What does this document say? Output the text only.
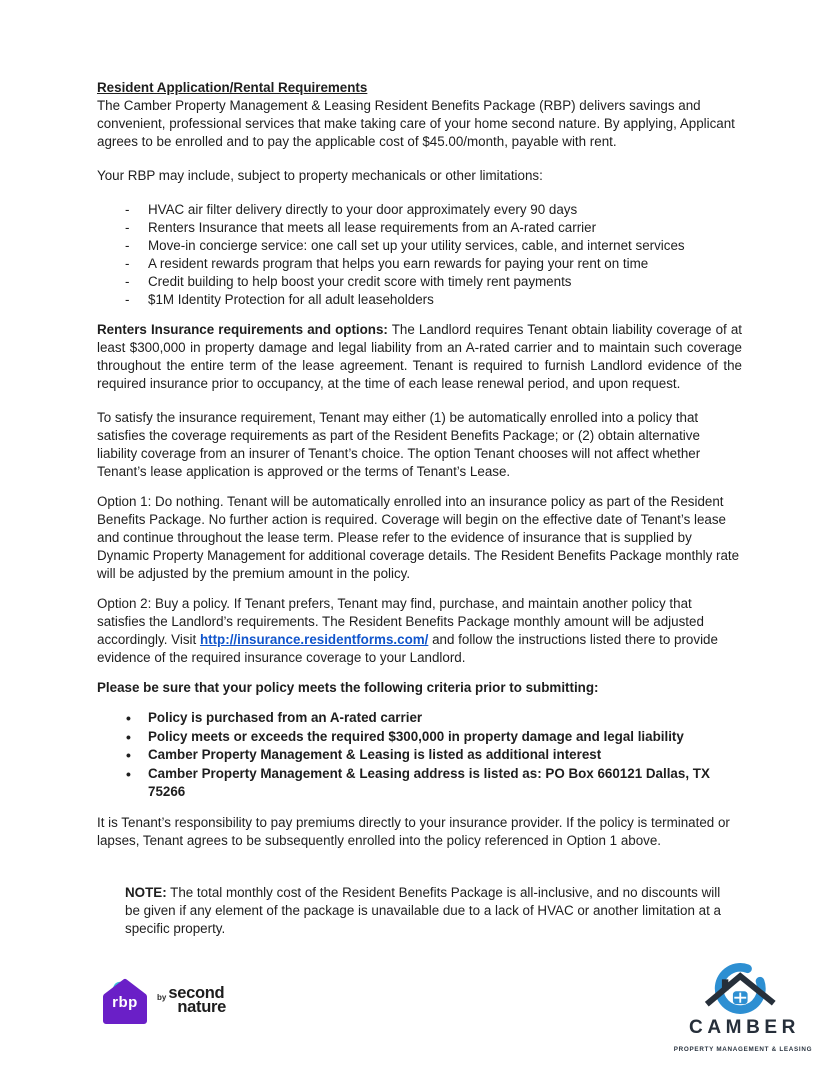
Resident Application/Rental Requirements

The Camber Property Management & Leasing Resident Benefits Package (RBP) delivers savings and convenient, professional services that make taking care of your home second nature. By applying, Applicant agrees to be enrolled and to pay the applicable cost of $45.00/month, payable with rent.

Your RBP may include, subject to property mechanicals or other limitations:

- HVAC air filter delivery directly to your door approximately every 90 days
- Renters Insurance that meets all lease requirements from an A-rated carrier
- Move-in concierge service: one call set up your utility services, cable, and internet services
- A resident rewards program that helps you earn rewards for paying your rent on time
- Credit building to help boost your credit score with timely rent payments
- $1M Identity Protection for all adult leaseholders

Renters Insurance requirements and options: The Landlord requires Tenant obtain liability coverage of at least $300,000 in property damage and legal liability from an A-rated carrier and to maintain such coverage throughout the entire term of the lease agreement. Tenant is required to furnish Landlord evidence of the required insurance prior to occupancy, at the time of each lease renewal period, and upon request.

To satisfy the insurance requirement, Tenant may either (1) be automatically enrolled into a policy that satisfies the coverage requirements as part of the Resident Benefits Package; or (2) obtain alternative liability coverage from an insurer of Tenant’s choice. The option Tenant chooses will not affect whether Tenant’s lease application is approved or the terms of Tenant’s Lease.

Option 1: Do nothing. Tenant will be automatically enrolled into an insurance policy as part of the Resident Benefits Package. No further action is required. Coverage will begin on the effective date of Tenant’s lease and continue throughout the lease term. Please refer to the evidence of insurance that is supplied by Dynamic Property Management for additional coverage details. The Resident Benefits Package monthly rate will be adjusted by the premium amount in the policy.

Option 2: Buy a policy. If Tenant prefers, Tenant may find, purchase, and maintain another policy that satisfies the Landlord’s requirements. The Resident Benefits Package monthly amount will be adjusted accordingly. Visit http://insurance.residentforms.com/ and follow the instructions listed there to provide evidence of the required insurance coverage to your Landlord.

Please be sure that your policy meets the following criteria prior to submitting:

• Policy is purchased from an A-rated carrier
• Policy meets or exceeds the required $300,000 in property damage and legal liability
• Camber Property Management & Leasing is listed as additional interest
• Camber Property Management & Leasing address is listed as: PO Box 660121 Dallas, TX 75266

It is Tenant’s responsibility to pay premiums directly to your insurance provider. If the policy is terminated or lapses, Tenant agrees to be subsequently enrolled into the policy referenced in Option 1 above.

NOTE: The total monthly cost of the Resident Benefits Package is all-inclusive, and no discounts will be given if any element of the package is unavailable due to a lack of HVAC or another limitation at a specific property.

rbp	by second
nature
CAMBER
PROPERTY MANAGEMENT & LEASING
